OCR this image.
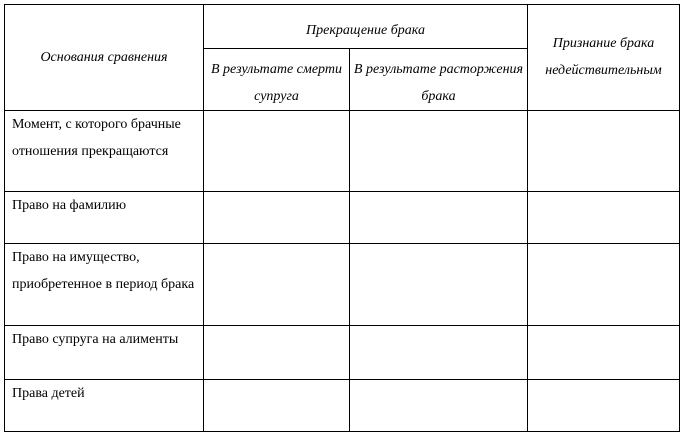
Основания сравнения	Прекращение брака		Признание брака недействительным

	В результате смерти супруга	В результате расторжения брака	

Момент, с которого брачные отношения прекращаются			
Право на фамилию			
Право на имущество, приобретенное в период брака			
Право супруга на алименты			
Права детей			
